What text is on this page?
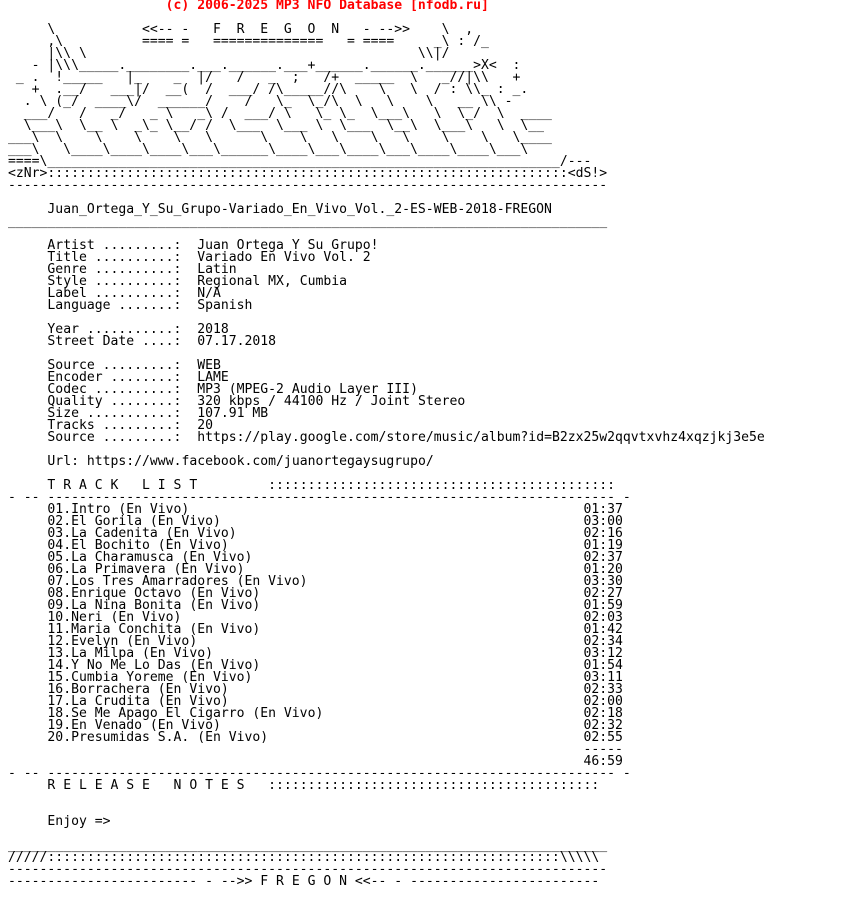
(c) 2006-2025 MP3 NFO Database [nfodb.ru]

\           <<-- -   F  R  E  G  O  N   - -->>    \  ,
,\          ==== =   ==============   = ====     _\ : /_
|\\ \                                          \\|/
- |\\\_____.________.___.______.___+______.______.______>X<  :
_ .  !_____   |_    _  |/   /   _  ;   /+  _____  \   _//|\\   +
+  .__/   ___|/  __(  /  ___/ /\_____//\    \   \  / : \\_ : _.
. \ (_/  ____\/  ______/    /   \_  \_/\  \   \    \   __ \\ -
___/   /   _/   _ \   _\ /  ___/ \   \_ \_  \___\   \  \_/  \  ____
\___\  \__ \  _\_ \__/ /  \___  \___ \  \___  \__\  \___\   \  \__
___\  \    \    \    \   \      \    \   \    \   \    \    \   \____
___\   \____\____\____\___\______\____\___\____\___\____\____\___\
====\_________________________________________________________________/---
<zNr>::::::::::::::::::::::::::::::::::::::::::::::::::::::::::::::::::<dS!>
----------------------------------------------------------------------------

Juan_Ortega_Y_Su_Grupo-Variado_En_Vivo_Vol._2-ES-WEB-2018-FREGON
____________________________________________________________________________

Artist .........: Juan Ortega Y Su Grupo!
Title ..........: Variado En Vivo Vol. 2
Genre ..........: Latin
Style ..........: Regional MX, Cumbia
Label ..........: N/A
Language .......: Spanish

Year ...........: 2018
Street Date ....: 07.17.2018

Source .........: WEB
Encoder ........: LAME
Codec ..........: MP3 (MPEG-2 Audio Layer III)
Quality ........: 320 kbps / 44100 Hz / Joint Stereo
Size ...........: 107.91 MB
Tracks .........: 20
Source .........: https://play.google.com/store/music/album?id=B2zx25w2qqvtxvhz4xqzjkj3e5e

Url: https://www.facebook.com/juanortegaysugrupo/

T R A C K   L I S T	::::::::::::::::::::::::::::::::::::::::::::
- -- ------------------------------------------------------------------------ -
01.Intro (En Vivo)	01:37
02.El Gorila (En Vivo)	03:00
03.La Cadenita (En Vivo)	02:16
04.El Bochito (En Vivo)	01:19
05.La Charamusca (En Vivo)	02:37
06.La Primavera (En Vivo)	01:20
07.Los Tres Amarradores (En Vivo)	03:30
08.Enrique Octavo (En Vivo)	02:27
09.La Nina Bonita (En Vivo)	01:59
10.Neri (En Vivo)	02:03
11.Maria Conchita (En Vivo)	01:42
12.Evelyn (En Vivo)	02:34
13.La Milpa (En Vivo)	03:12
14.Y No Me Lo Das (En Vivo)	01:54
15.Cumbia Yoreme (En Vivo)	03:11
16.Borrachera (En Vivo)	02:33
17.La Crudita (En Vivo)	02:00
18.Se Me Apago El Cigarro (En Vivo)	02:18
19.En Venado (En Vivo)	02:32
20.Presumidas S.A. (En Vivo)	02:55
-----
46:59
- -- ------------------------------------------------------------------------ -
R E L E A S E   N O T E S ::::::::::::::::::::::::::::::::::::::::::

Enjoy =>

____________________________________________________________________________
/////:::::::::::::::::::::::::::::::::::::::::::::::::::::::::::::::::\\\\\
----------------------------------------------------------------------------
------------------------ - -->> F R E G O N <<-- - ------------------------
